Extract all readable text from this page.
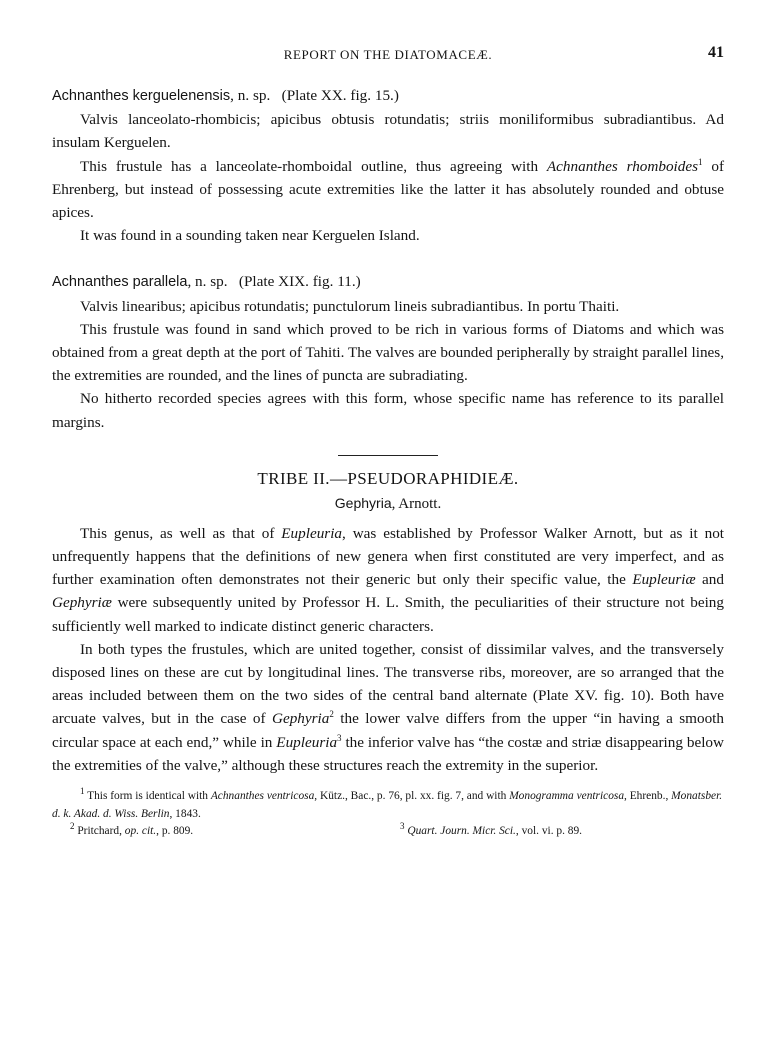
REPORT ON THE DIATOMACEÆ.	41

Achnanthes kerguelenensis, n. sp. (Plate XX. fig. 15.)

Valvis lanceolato-rhombicis; apicibus obtusis rotundatis; striis moniliformibus subradiantibus. Ad insulam Kerguelen.

This frustule has a lanceolate-rhomboidal outline, thus agreeing with Achnanthes rhomboides$^1$ of Ehrenberg, but instead of possessing acute extremities like the latter it has absolutely rounded and obtuse apices.

It was found in a sounding taken near Kerguelen Island.

Achnanthes parallela, n. sp. (Plate XIX. fig. 11.)

Valvis linearibus; apicibus rotundatis; punctulorum lineis subradiantibus. In portu Thaiti.

This frustule was found in sand which proved to be rich in various forms of Diatoms and which was obtained from a great depth at the port of Tahiti. The valves are bounded peripherally by straight parallel lines, the extremities are rounded, and the lines of puncta are subradiating.

No hitherto recorded species agrees with this form, whose specific name has reference to its parallel margins.

TRIBE II.—PSEUDORAPHIDIEÆ.
Gephyria, Arnott.

This genus, as well as that of Eupleuria, was established by Professor Walker Arnott, but as it not unfrequently happens that the definitions of new genera when first constituted are very imperfect, and as further examination often demonstrates not their generic but only their specific value, the Eupleuriæ and Gephyriæ were subsequently united by Professor H. L. Smith, the peculiarities of their structure not being sufficiently well marked to indicate distinct generic characters.

In both types the frustules, which are united together, consist of dissimilar valves, and the transversely disposed lines on these are cut by longitudinal lines. The transverse ribs, moreover, are so arranged that the areas included between them on the two sides of the central band alternate (Plate XV. fig. 10). Both have arcuate valves, but in the case of Gephyria$^2$ the lower valve differs from the upper “in having a smooth circular space at each end,” while in Eupleuria$^3$ the inferior valve has “the costæ and striæ disappearing below the extremities of the valve,” although these structures reach the extremity in the superior.

$^1$ This form is identical with Achnanthes ventricosa, Kütz., Bac., p. 76, pl. xx. fig. 7, and with Monogramma ventricosa, Ehrenb., Monatsber. d. k. Akad. d. Wiss. Berlin, 1843.

$^2$ Pritchard, op. cit., p. 809.	$^3$ Quart. Journ. Micr. Sci., vol. vi. p. 89.
